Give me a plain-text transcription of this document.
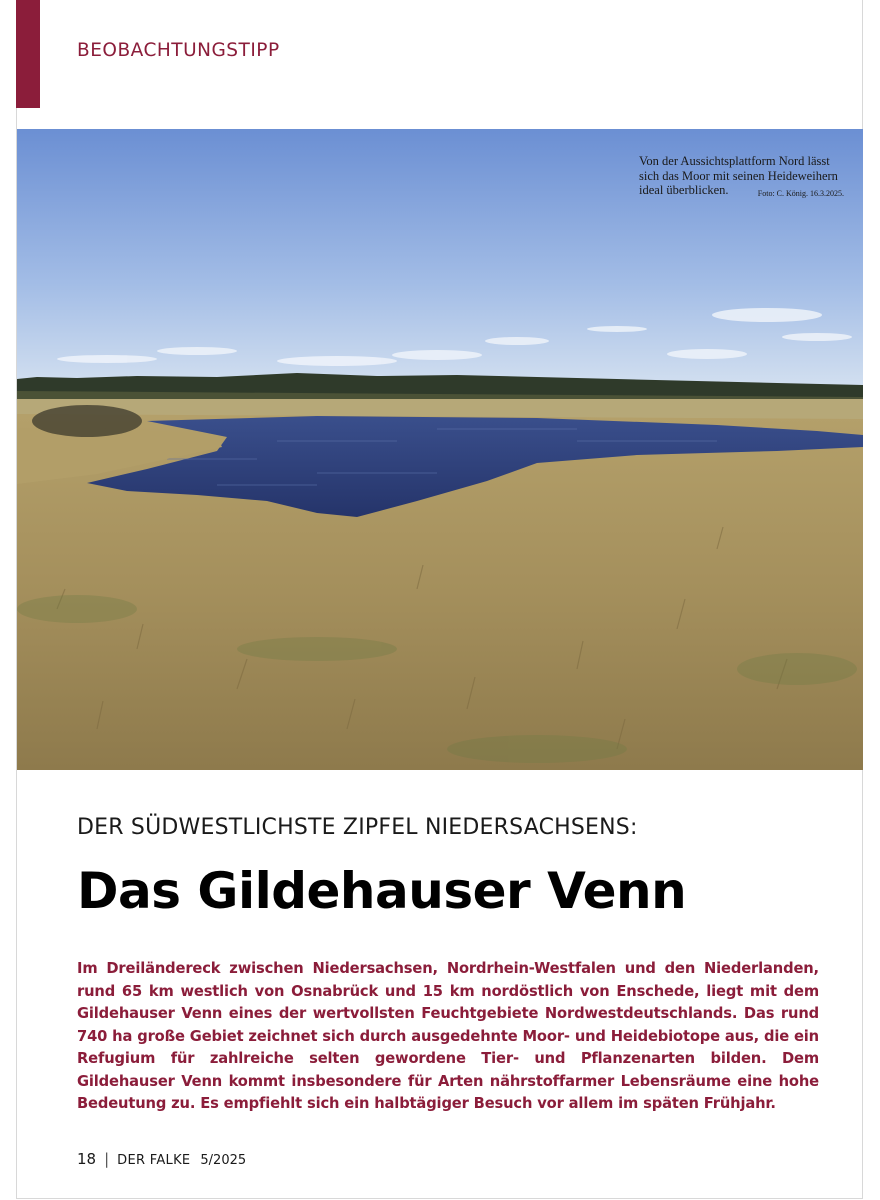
BEOBACHTUNGSTIPP
Von der Aussichtsplattform Nord lässt sich das Moor mit seinen Heideweihern ideal überblicken.	Foto: C. König. 16.3.2025.
DER SÜDWESTLICHSTE ZIPFEL NIEDERSACHSENS:
Das Gildehauser Venn
Im Dreiländereck zwischen Niedersachsen, Nordrhein-Westfalen und den Niederlanden, rund 65 km westlich von Osnabrück und 15 km nordöstlich von Enschede, liegt mit dem Gildehauser Venn eines der wertvollsten Feuchtgebiete Nordwestdeutschlands. Das rund 740 ha große Gebiet zeichnet sich durch ausgedehnte Moor- und Heidebiotope aus, die ein Refugium für zahlreiche selten gewordene Tier- und Pflanzenarten bilden. Dem Gildehauser Venn kommt insbesondere für Arten nährstoffarmer Lebensräume eine hohe Bedeutung zu. Es empfiehlt sich ein halbtägiger Besuch vor allem im späten Frühjahr.
18 | DER FALKE 5/2025
